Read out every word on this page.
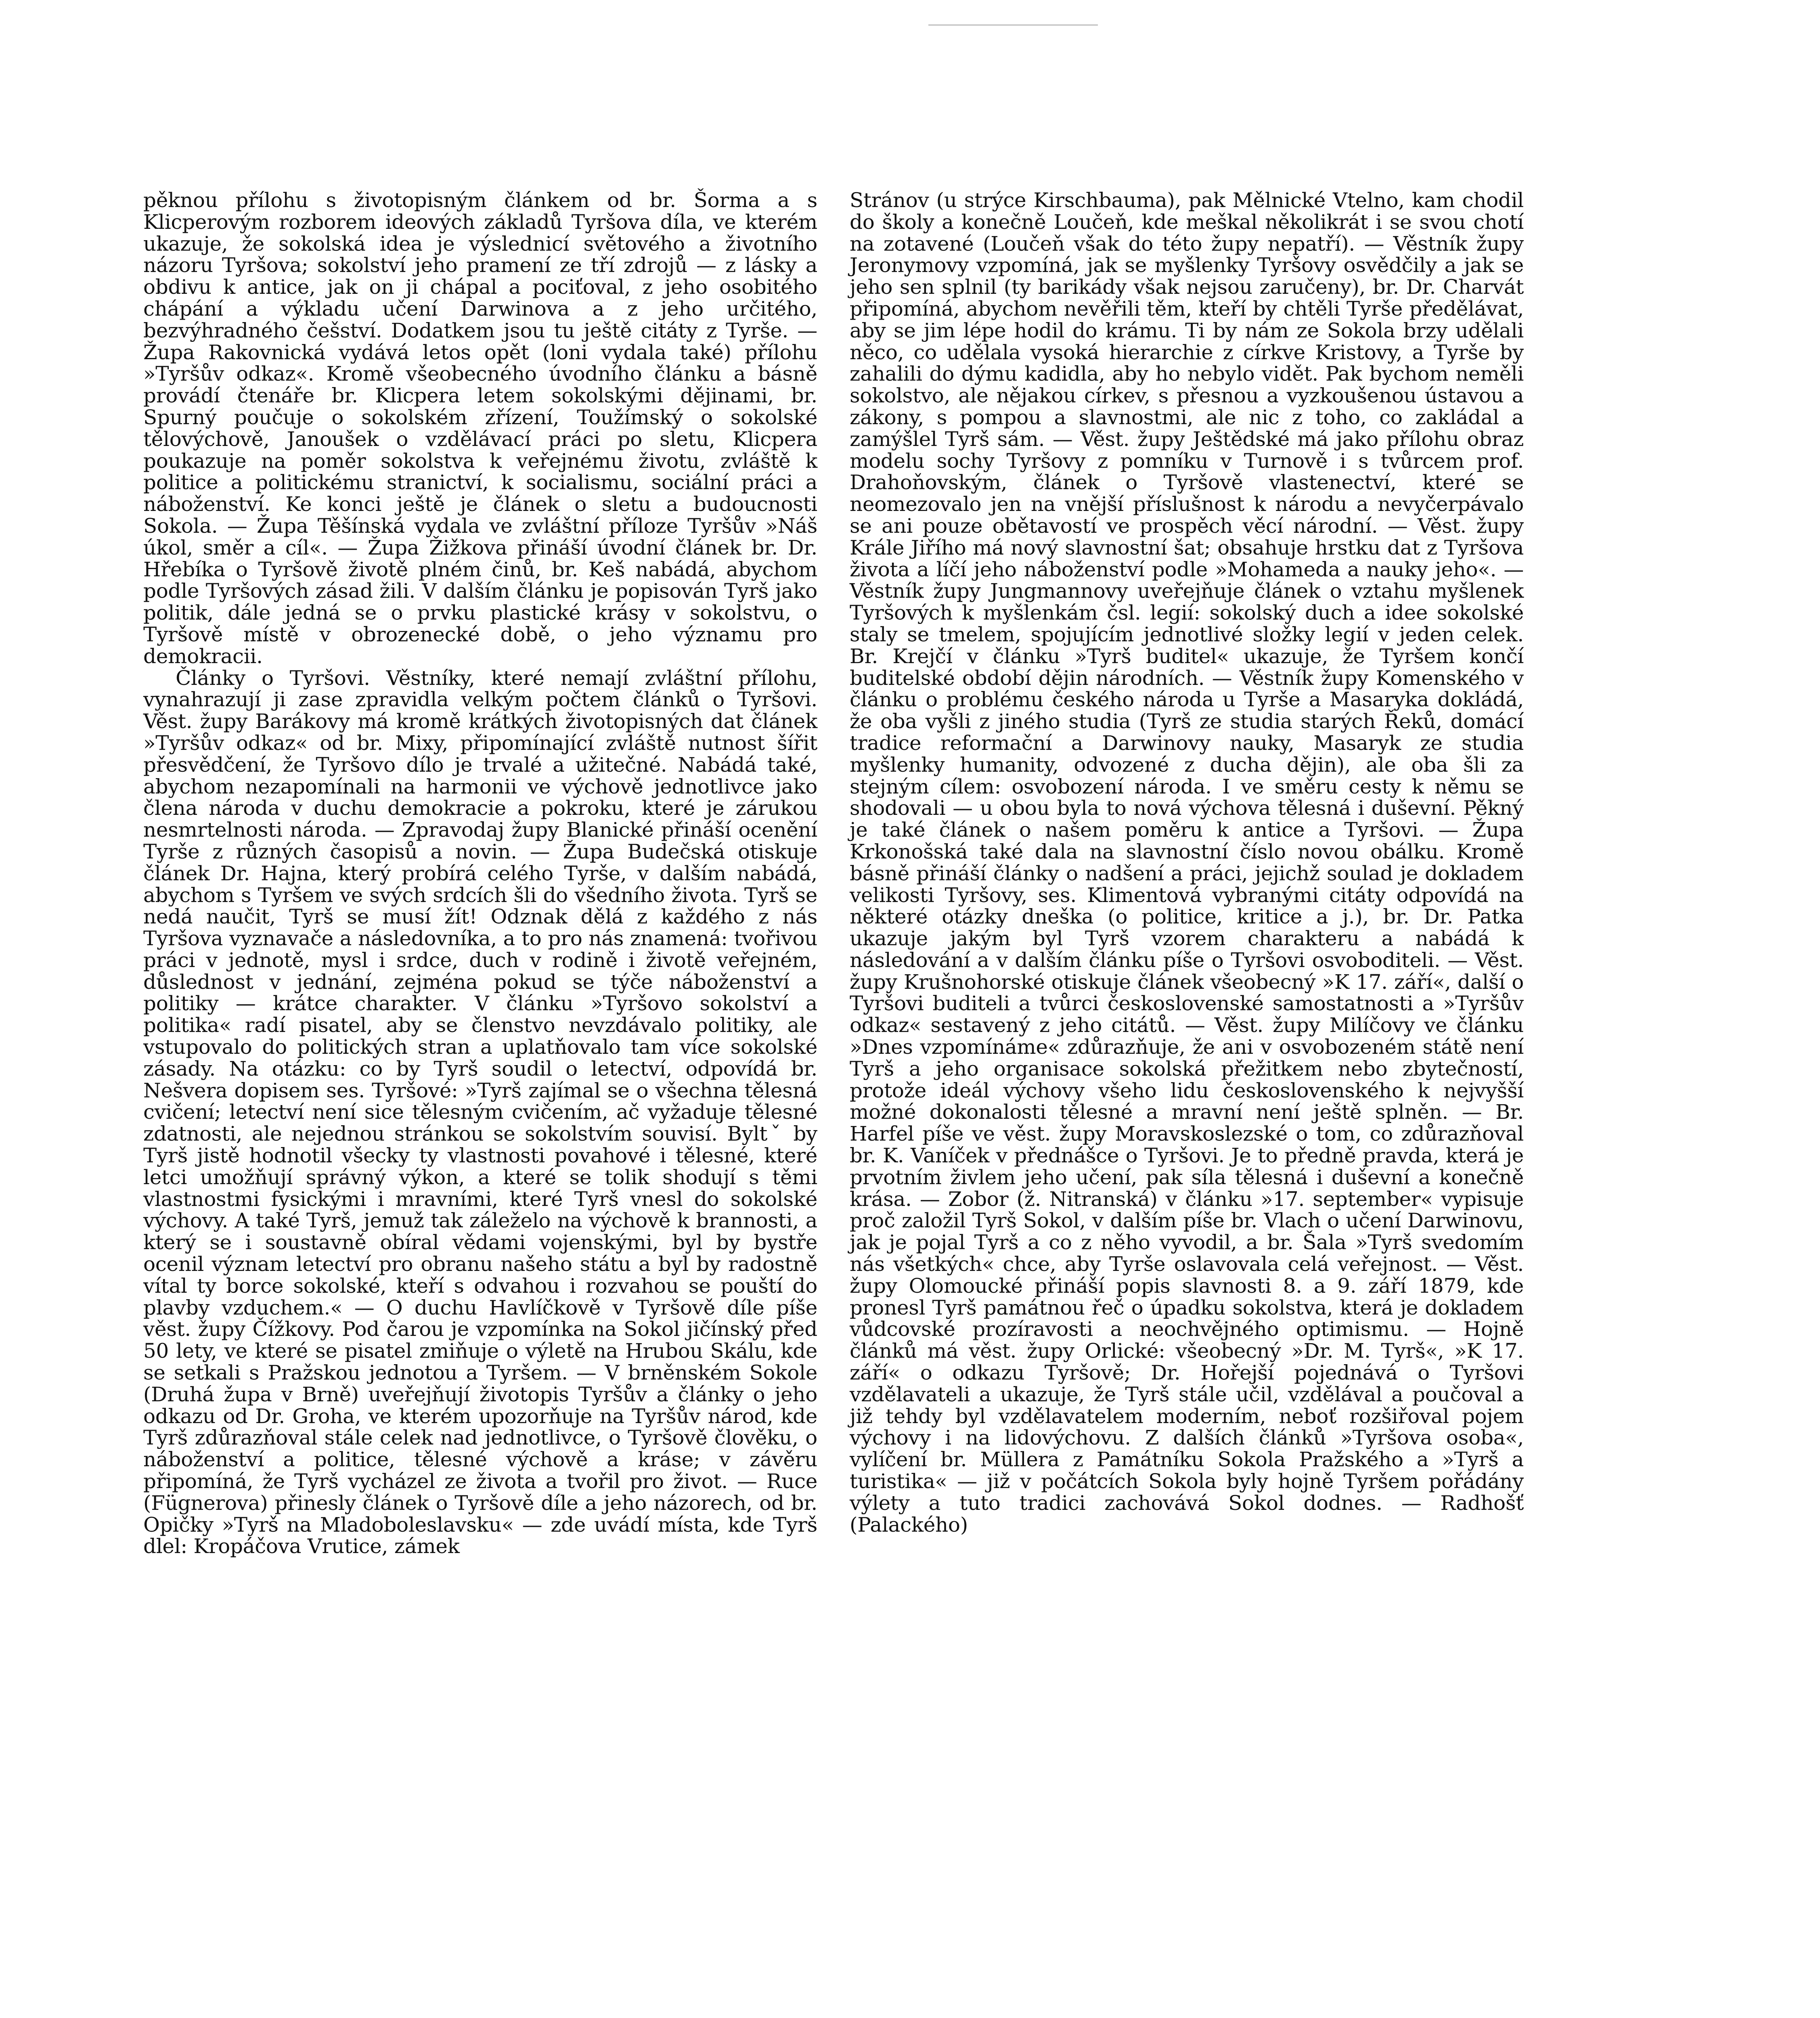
pěknou přílohu s životopisným článkem od br. Šorma a s Klicperovým rozborem ideových základů Tyršova díla, ve kterém ukazuje, že sokolská idea je výslednicí světového a životního názoru Tyršova; sokolství jeho pramení ze tří zdrojů — z lásky a obdivu k antice, jak on ji chápal a pociťoval, z jeho osobitého chápání a výkladu učení Darwinova a z jeho určitého, bezvýhradného češství. Dodatkem jsou tu ještě citáty z Tyrše. — Župa Rakovnická vydává letos opět (loni vydala také) přílohu »Tyršův odkaz«. Kromě všeobecného úvodního článku a básně provádí čtenáře br. Klicpera letem sokolskými dějinami, br. Spurný poučuje o sokolském zřízení, Toužímský o sokolské tělovýchově, Janoušek o vzdělávací práci po sletu, Klicpera poukazuje na poměr sokolstva k veřejnému životu, zvláště k politice a politickému stranictví, k socialismu, sociální práci a náboženství. Ke konci ještě je článek o sletu a budoucnosti Sokola. — Župa Těšínská vydala ve zvláštní příloze Tyršův »Náš úkol, směr a cíl«. — Župa Žižkova přináší úvodní článek br. Dr. Hřebíka o Tyršově životě plném činů, br. Keš nabádá, abychom podle Tyršových zásad žili. V dalším článku je popisován Tyrš jako politik, dále jedná se o prvku plastické krásy v sokolstvu, o Tyršově místě v obrozenecké době, o jeho významu pro demokracii.

Články o Tyršovi. Věstníky, které nemají zvláštní přílohu, vynahrazují ji zase zpravidla velkým počtem článků o Tyršovi. Věst. župy Barákovy má kromě krátkých životopisných dat článek »Tyršův odkaz« od br. Mixy, připomínající zvláště nutnost šířit přesvědčení, že Tyršovo dílo je trvalé a užitečné. Nabádá také, abychom nezapomínali na harmonii ve výchově jednotlivce jako člena národa v duchu demokracie a pokroku, které je zárukou nesmrtelnosti národa. — Zpravodaj župy Blanické přináší ocenění Tyrše z různých časopisů a novin. — Župa Budečská otiskuje článek Dr. Hajna, který probírá celého Tyrše, v dalším nabádá, abychom s Tyršem ve svých srdcích šli do všedního života. Tyrš se nedá naučit, Tyrš se musí žít! Odznak dělá z každého z nás Tyršova vyznavače a následovníka, a to pro nás znamená: tvořivou práci v jednotě, mysl i srdce, duch v rodině i životě veřejném, důslednost v jednání, zejména pokud se týče náboženství a politiky — krátce charakter. V článku »Tyršovo sokolství a politika« radí pisatel, aby se členstvo nevzdávalo politiky, ale vstupovalo do politických stran a uplatňovalo tam více sokolské zásady. Na otázku: co by Tyrš soudil o letectví, odpovídá br. Nešvera dopisem ses. Tyršové: »Tyrš zajímal se o všechna tělesná cvičení; letectví není sice tělesným cvičením, ač vyžaduje tělesné zdatnosti, ale nejednou stránkou se sokolstvím souvisí. Byltˇ by Tyrš jistě hodnotil všecky ty vlastnosti povahové i tělesné, které letci umožňují správný výkon, a které se tolik shodují s těmi vlastnostmi fysickými i mravními, které Tyrš vnesl do sokolské výchovy. A také Tyrš, jemuž tak záleželo na výchově k brannosti, a který se i soustavně obíral vědami vojenskými, byl by bystře ocenil význam letectví pro obranu našeho státu a byl by radostně vítal ty borce sokolské, kteří s odvahou i rozvahou se pouští do plavby vzduchem.« — O duchu Havlíčkově v Tyršově díle píše věst. župy Čížkovy. Pod čarou je vzpomínka na Sokol jičínský před 50 lety, ve které se pisatel zmiňuje o výletě na Hrubou Skálu, kde se setkali s Pražskou jednotou a Tyršem. — V brněnském Sokole (Druhá župa v Brně) uveřejňují životopis Tyršův a články o jeho odkazu od Dr. Groha, ve kterém upozorňuje na Tyršův národ, kde Tyrš zdůrazňoval stále celek nad jednotlivce, o Tyršově člověku, o náboženství a politice, tělesné výchově a kráse; v závěru připomíná, že Tyrš vycházel ze života a tvořil pro život. — Ruce (Fügnerova) přinesly článek o Tyršově díle a jeho názorech, od br. Opičky »Tyrš na Mladoboleslavsku« — zde uvádí místa, kde Tyrš dlel: Kropáčova Vrutice, zámek

Stránov (u strýce Kirschbauma), pak Mělnické Vtelno, kam chodil do školy a konečně Loučeň, kde meškal několikrát i se svou chotí na zotavené (Loučeň však do této župy nepatří). — Věstník župy Jeronymovy vzpomíná, jak se myšlenky Tyršovy osvědčily a jak se jeho sen splnil (ty barikády však nejsou zaručeny), br. Dr. Charvát připomíná, abychom nevěřili těm, kteří by chtěli Tyrše předělávat, aby se jim lépe hodil do krámu. Ti by nám ze Sokola brzy udělali něco, co udělala vysoká hierarchie z církve Kristovy, a Tyrše by zahalili do dýmu kadidla, aby ho nebylo vidět. Pak bychom neměli sokolstvo, ale nějakou církev, s přesnou a vyzkoušenou ústavou a zákony, s pompou a slavnostmi, ale nic z toho, co zakládal a zamýšlel Tyrš sám. — Věst. župy Ještědské má jako přílohu obraz modelu sochy Tyršovy z pomníku v Turnově i s tvůrcem prof. Drahoňovským, článek o Tyršově vlastenectví, které se neomezovalo jen na vnější příslušnost k národu a nevyčerpávalo se ani pouze obětavostí ve prospěch věcí národní. — Věst. župy Krále Jiřího má nový slavnostní šat; obsahuje hrstku dat z Tyršova života a líčí jeho náboženství podle »Mohameda a nauky jeho«. — Věstník župy Jungmannovy uveřejňuje článek o vztahu myšlenek Tyršových k myšlenkám čsl. legií: sokolský duch a idee sokolské staly se tmelem, spojujícím jednotlivé složky legií v jeden celek. Br. Krejčí v článku »Tyrš buditel« ukazuje, že Tyršem končí buditelské období dějin národních. — Věstník župy Komenského v článku o problému českého národa u Tyrše a Masaryka dokládá, že oba vyšli z jiného studia (Tyrš ze studia starých Řeků, domácí tradice reformační a Darwinovy nauky, Masaryk ze studia myšlenky humanity, odvozené z ducha dějin), ale oba šli za stejným cílem: osvobození národa. I ve směru cesty k němu se shodovali — u obou byla to nová výchova tělesná i duševní. Pěkný je také článek o našem poměru k antice a Tyršovi. — Župa Krkonošská také dala na slavnostní číslo novou obálku. Kromě básně přináší články o nadšení a práci, jejichž soulad je dokladem velikosti Tyršovy, ses. Klimentová vybranými citáty odpovídá na některé otázky dneška (o politice, kritice a j.), br. Dr. Patka ukazuje jakým byl Tyrš vzorem charakteru a nabádá k následování a v dalším článku píše o Tyršovi osvoboditeli. — Věst. župy Krušnohorské otiskuje článek všeobecný »K 17. září«, další o Tyršovi buditeli a tvůrci československé samostatnosti a »Tyršův odkaz« sestavený z jeho citátů. — Věst. župy Milíčovy ve článku »Dnes vzpomínáme« zdůrazňuje, že ani v osvobozeném státě není Tyrš a jeho organisace sokolská přežitkem nebo zbytečností, protože ideál výchovy všeho lidu československého k nejvyšší možné dokonalosti tělesné a mravní není ještě splněn. — Br. Harfel píše ve věst. župy Moravskoslezské o tom, co zdůrazňoval br. K. Vaníček v přednášce o Tyršovi. Je to předně pravda, která je prvotním živlem jeho učení, pak síla tělesná i duševní a konečně krása. — Zobor (ž. Nitranská) v článku »17. september« vypisuje proč založil Tyrš Sokol, v dalším píše br. Vlach o učení Darwinovu, jak je pojal Tyrš a co z něho vyvodil, a br. Šala »Tyrš svedomím nás všetkých« chce, aby Tyrše oslavovala celá veřejnost. — Věst. župy Olomoucké přináší popis slavnosti 8. a 9. září 1879, kde pronesl Tyrš památnou řeč o úpadku sokolstva, která je dokladem vůdcovské prozíravosti a neochvějného optimismu. — Hojně článků má věst. župy Orlické: všeobecný »Dr. M. Tyrš«, »K 17. září« o odkazu Tyršově; Dr. Hořejší pojednává o Tyršovi vzdělavateli a ukazuje, že Tyrš stále učil, vzdělával a poučoval a již tehdy byl vzdělavatelem moderním, neboť rozšiřoval pojem výchovy i na lidovýchovu. Z dalších článků »Tyršova osoba«, vylíčení br. Müllera z Památníku Sokola Pražského a »Tyrš a turistika« — již v počátcích Sokola byly hojně Tyršem pořádány výlety a tuto tradici zachovává Sokol dodnes. — Radhošť (Palackého)
